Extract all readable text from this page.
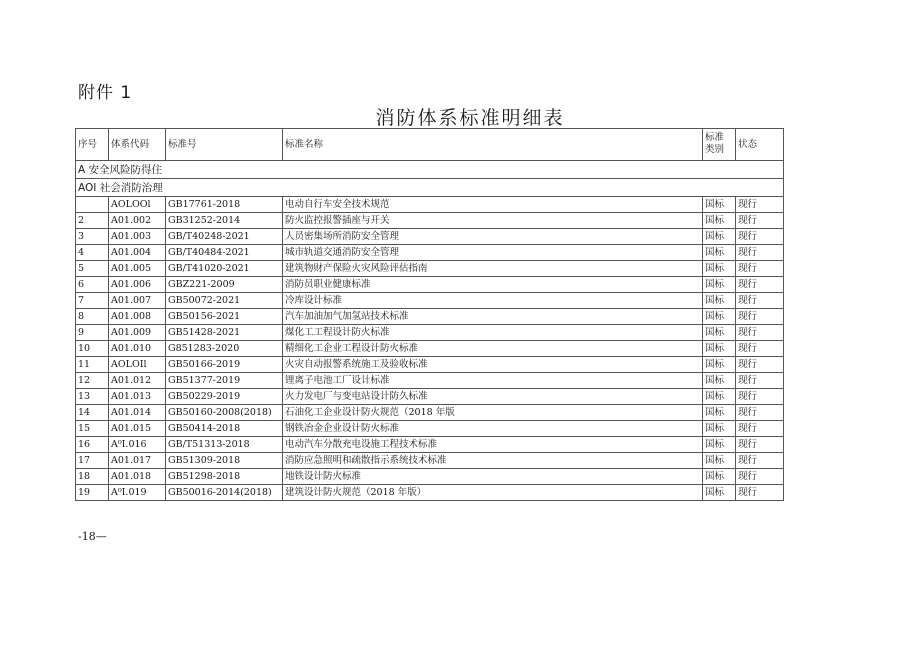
附件 1
消防体系标准明细表
序号	体系代码	标准号	标准名称	标准类别	状态
A 安全风险防得住					
AOI 社会消防治理					
	AOLOOl	GB17761-2018	电动自行车安全技术规范	国标	现行
2	A01.002	GB31252-2014	防火监控报警插座与开关	国标	现行
3	A01.003	GB/T40248-2021	人员密集场所消防安全管理	国标	现行
4	A01.004	GB/T40484-2021	城市轨道交通消防安全管理	国标	现行
5	A01.005	GB/T41020-2021	建筑物财产保险火灾风险评估指南	国标	现行
6	A01.006	GBZ221-2009	消防员职业健康标准	国标	现行
7	A01.007	GB50072-2021	冷库设计标准	国标	现行
8	A01.008	GB50156-2021	汽车加油加气加氢站技术标准	国标	现行
9	A01.009	GB51428-2021	煤化工工程设计防火标准	国标	现行
10	A01.010	G851283-2020	精细化工企业工程设计防火标准	国标	现行
11	AOLOIl	GB50166-2019	火灾自动报警系统施工及验收标准	国标	现行
12	A01.012	GB51377-2019	锂离子电池工厂设计标准	国标	现行
13	A01.013	GB50229-2019	火力发电厂与变电站设计防久标准	国标	现行
14	A01.014	GB50160-2008(2018)	石油化工企业设计防火规范（2018 年版	国标	现行
15	A01.015	GB50414-2018	钢铁冶金企业设计防火标准	国标	现行
16	A⁰I.016	GB/T51313-2018	电动汽车分散充电设施工程技术标准	国标	现行
17	A01.017	GB51309-2018	消防应急照明和疏散指示系统技术标准	国标	现行
18	A01.018	GB51298-2018	地铁设计防火标准	国标	现行
19	A⁰I.019	GB50016-2014(2018)	建筑设计防火规范（2018 年版）	国标	现行
-18—
